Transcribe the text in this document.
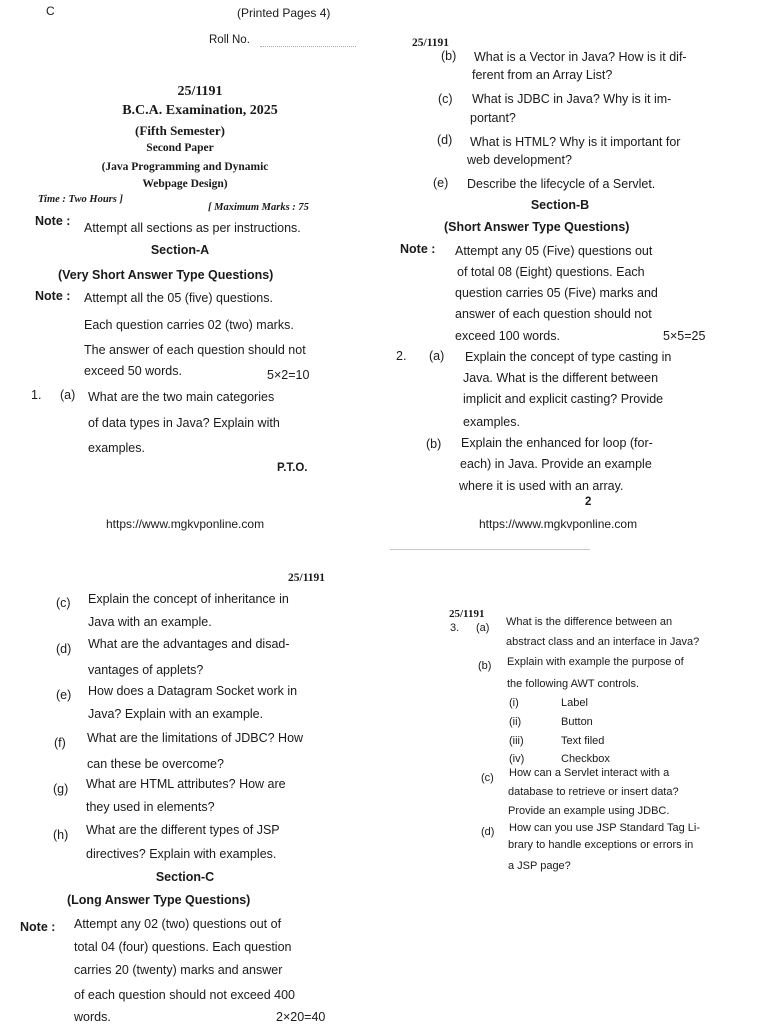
C	(Printed Pages 4)
Roll No.
25/1191
B.C.A. Examination, 2025
(Fifth Semester)
Second Paper
(Java Programming and Dynamic
Webpage Design)
Time : Two Hours ]
[ Maximum Marks : 75
Note : Attempt all sections as per instructions.
Section-A
(Very Short Answer Type Questions)
Note : Attempt all the 05 (five) questions.
Each question carries 02 (two) marks.
The answer of each question should not
exceed 50 words.	5×2=10
1. (a) What are the two main categories
of data types in Java? Explain with
examples.
P.T.O.
https://www.mgkvponline.com
25/1191
(b) What is a Vector in Java? How is it dif-
ferent from an Array List?
(c) What is JDBC in Java? Why is it im-
portant?
(d) What is HTML? Why is it important for
web development?
(e) Describe the lifecycle of a Servlet.
Section-B
(Short Answer Type Questions)
Note : Attempt any 05 (Five) questions out
of total 08 (Eight) questions. Each
question carries 05 (Five) marks and
answer of each question should not
exceed 100 words.	5×5=25
2. (a) Explain the concept of type casting in
Java. What is the different between
implicit and explicit casting? Provide
examples.
(b) Explain the enhanced for loop (for-
each) in Java. Provide an example
where it is used with an array.
2
https://www.mgkvponline.com
25/1191
(c) Explain the concept of inheritance in
Java with an example.
(d) What are the advantages and disad-
vantages of applets?
(e) How does a Datagram Socket work in
Java? Explain with an example.
(f) What are the limitations of JDBC? How
can these be overcome?
(g) What are HTML attributes? How are
they used in elements?
(h) What are the different types of JSP
directives? Explain with examples.
Section-C
(Long Answer Type Questions)
Note : Attempt any 02 (two) questions out of
total 04 (four) questions. Each question
carries 20 (twenty) marks and answer
of each question should not exceed 400
words.	2×20=40
25/1191
3. (a) What is the difference between an
abstract class and an interface in Java?
(b) Explain with example the purpose of
the following AWT controls.
(i)	Label
(ii)	Button
(iii)	Text filed
(iv)	Checkbox
(c) How can a Servlet interact with a
database to retrieve or insert data?
Provide an example using JDBC.
(d) How can you use JSP Standard Tag Li-
brary to handle exceptions or errors in
a JSP page?
